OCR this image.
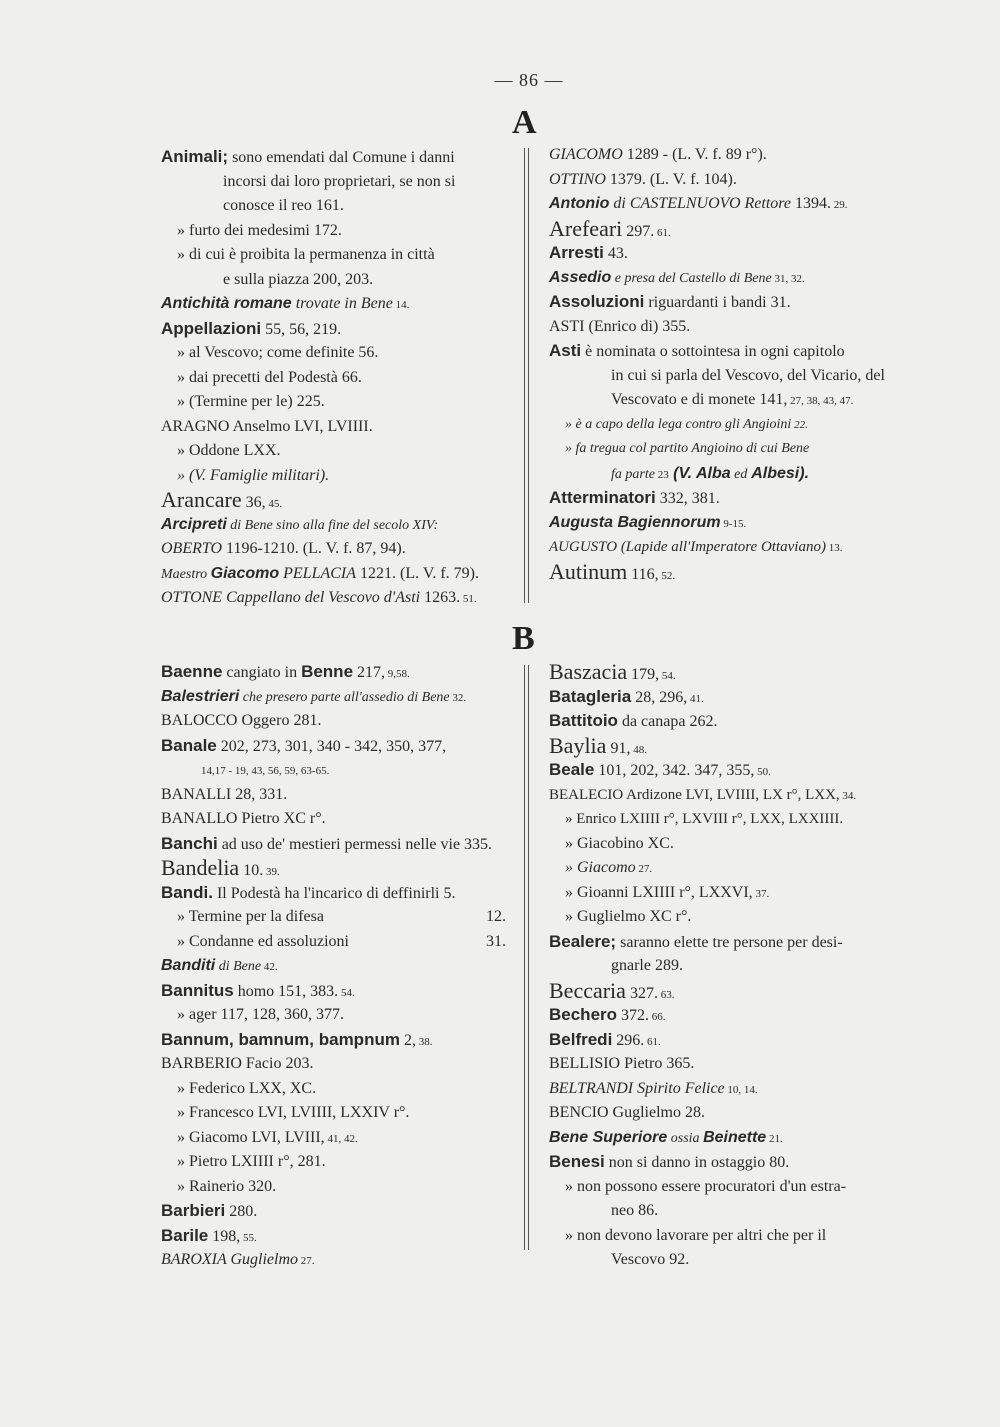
— 86 —
A
Animali; sono emendati dal Comune i danni
incorsi dai loro proprietari, se non si
conosce il reo 161.
» furto dei medesimi 172.
» di cui è proibita la permanenza in città
e sulla piazza 200, 203.
Antichità romane trovate in Bene 14.
Appellazioni 55, 56, 219.
» al Vescovo; come definite 56.
» dai precetti del Podestà 66.
» (Termine per le) 225.
ARAGNO Anselmo LVI, LVIIII.
» Oddone LXX.
» (V. Famiglie militari).
Arancare 36, 45.
Arcipreti di Bene sino alla fine del secolo XIV:
OBERTO 1196-1210. (L. V. f. 87, 94).
Maestro Giacomo PELLACIA 1221. (L. V. f. 79).
OTTONE Cappellano del Vescovo d'Asti 1263. 51.
GIACOMO 1289 - (L. V. f. 89 r°).
OTTINO 1379. (L. V. f. 104).
Antonio di CASTELNUOVO Rettore 1394. 29.
Arefeari 297. 61.
Arresti 43.
Assedio e presa del Castello di Bene 31, 32.
Assoluzioni riguardanti i bandi 31.
ASTI (Enrico di) 355.
Asti è nominata o sottointesa in ogni capitolo
in cui si parla del Vescovo, del Vicario, del
Vescovato e di monete 141, 27, 38, 43, 47.
» è a capo della lega contro gli Angioini 22.
» fa tregua col partito Angioino di cui Bene
fa parte 23 (V. Alba ed Albesi).
Atterminatori 332, 381.
Augusta Bagiennorum 9-15.
AUGUSTO (Lapide all'Imperatore Ottaviano) 13.
Autinum 116, 52.
B
Baenne cangiato in Benne 217, 9,58.
Balestrieri che presero parte all'assedio di Bene 32.
BALOCCO Oggero 281.
Banale 202, 273, 301, 340 - 342, 350, 377,
14,17 - 19, 43, 56, 59, 63-65.
BANALLI 28, 331.
BANALLO Pietro XC r°.
Banchi ad uso de' mestieri permessi nelle vie 335.
Bandelia 10. 39.
Bandi. Il Podestà ha l'incarico di deffinirli 5.
» Termine per la difesa	12.
» Condanne ed assoluzioni	31.
Banditi di Bene 42.
Bannitus homo 151, 383. 54.
» ager 117, 128, 360, 377.
Bannum, bamnum, bampnum 2, 38.
BARBERIO Facio 203.
» Federico LXX, XC.
» Francesco LVI, LVIIII, LXXIV r°.
» Giacomo LVI, LVIII, 41, 42.
» Pietro LXIIII r°, 281.
» Rainerio 320.
Barbieri 280.
Barile 198, 55.
BAROXIA Guglielmo 27.
Baszacia 179, 54.
Batagleria 28, 296, 41.
Battitoio da canapa 262.
Baylia 91, 48.
Beale 101, 202, 342. 347, 355, 50.
BEALECIO Ardizone LVI, LVIIII, LX r°, LXX, 34.
» Enrico LXIIII r°, LXVIII r°, LXX, LXXIIII.
» Giacobino XC.
» Giacomo 27.
» Gioanni LXIIII r°, LXXVI, 37.
» Guglielmo XC r°.
Bealere; saranno elette tre persone per desi-
gnarle 289.
Beccaria 327. 63.
Bechero 372. 66.
Belfredi 296. 61.
BELLISIO Pietro 365.
BELTRANDI Spirito Felice 10, 14.
BENCIO Guglielmo 28.
Bene Superiore ossia Beinette 21.
Benesi non si danno in ostaggio 80.
» non possono essere procuratori d'un estra-
neo 86.
» non devono lavorare per altri che per il
Vescovo 92.
